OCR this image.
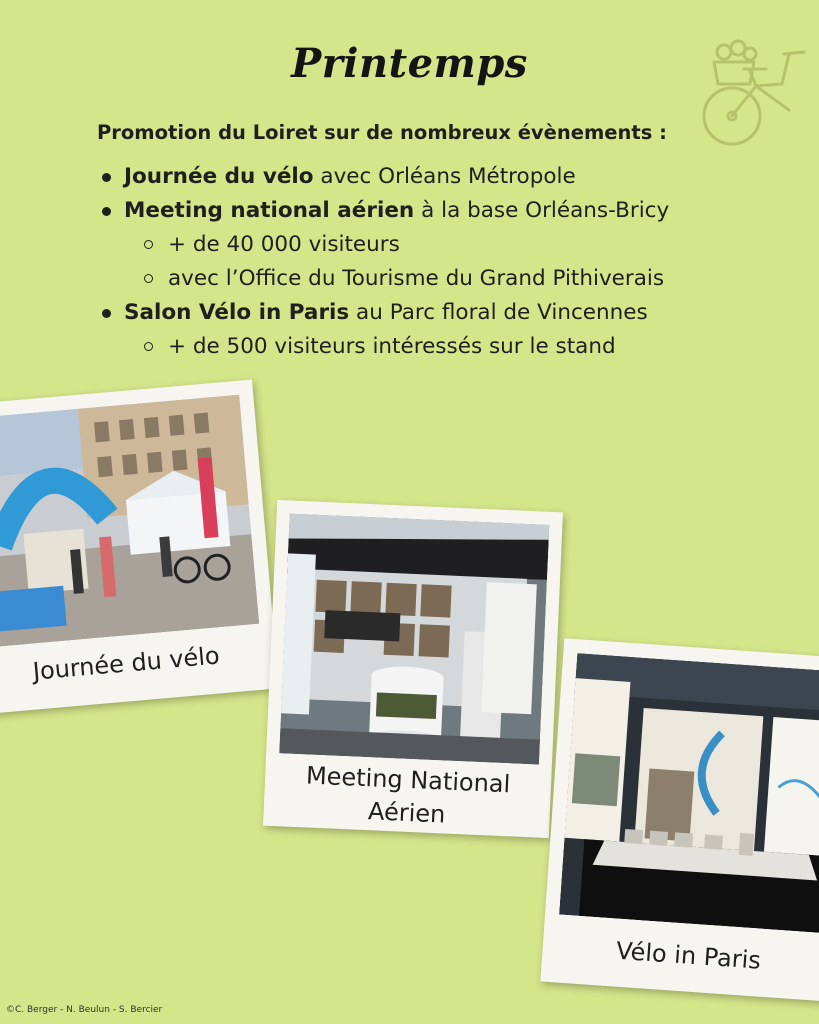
Printemps
Promotion du Loiret sur de nombreux évènements :
Journée du vélo avec Orléans Métropole
Meeting national aérien à la base Orléans-Bricy
+ de 40 000 visiteurs
avec l’Office du Tourisme du Grand Pithiverais
Salon Vélo in Paris au Parc floral de Vincennes
+ de 500 visiteurs intéressés sur le stand
Journée du vélo
Meeting National
Aérien
Vélo in Paris
©C. Berger - N. Beulun - S. Bercier
